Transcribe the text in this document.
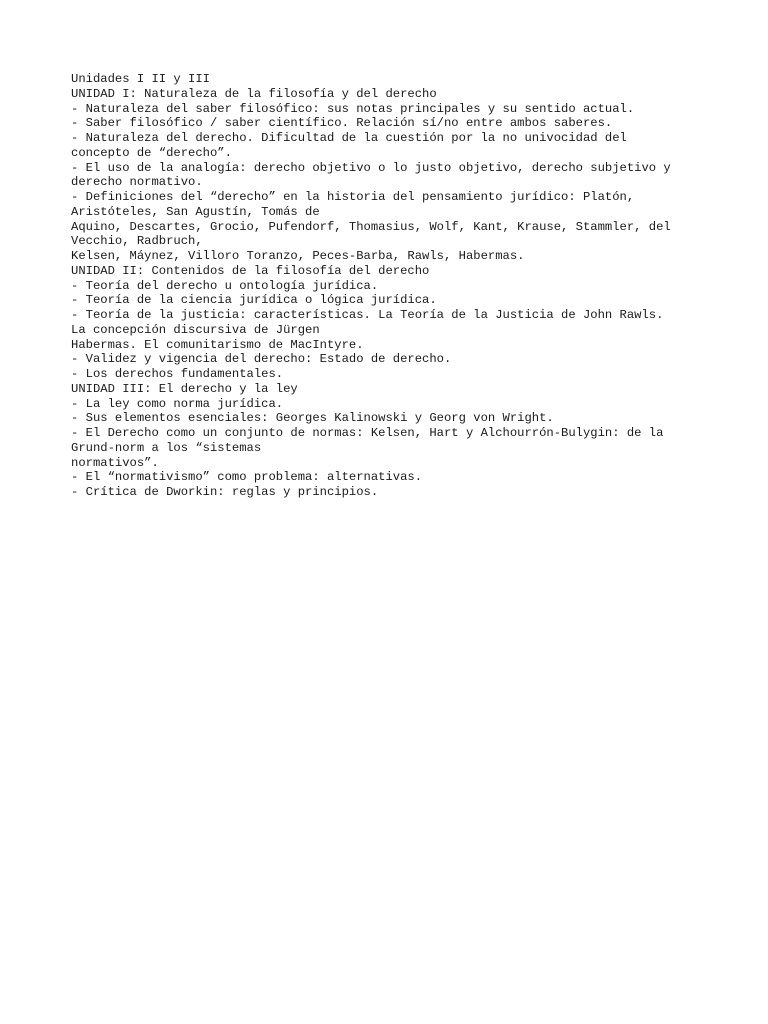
Unidades I II y III
UNIDAD I: Naturaleza de la filosofía y del derecho
- Naturaleza del saber filosófico: sus notas principales y su sentido actual.
- Saber filosófico / saber científico. Relación sí/no entre ambos saberes.
- Naturaleza del derecho. Dificultad de la cuestión por la no univocidad del
concepto de “derecho”.
- El uso de la analogía: derecho objetivo o lo justo objetivo, derecho subjetivo y
derecho normativo.
- Definiciones del “derecho” en la historia del pensamiento jurídico: Platón,
Aristóteles, San Agustín, Tomás de
Aquino, Descartes, Grocio, Pufendorf, Thomasius, Wolf, Kant, Krause, Stammler, del
Vecchio, Radbruch,
Kelsen, Máynez, Villoro Toranzo, Peces-Barba, Rawls, Habermas.
UNIDAD II: Contenidos de la filosofía del derecho
- Teoría del derecho u ontología jurídica.
- Teoría de la ciencia jurídica o lógica jurídica.
- Teoría de la justicia: características. La Teoría de la Justicia de John Rawls.
La concepción discursiva de Jürgen
Habermas. El comunitarismo de MacIntyre.
- Validez y vigencia del derecho: Estado de derecho.
- Los derechos fundamentales.
UNIDAD III: El derecho y la ley
- La ley como norma jurídica.
- Sus elementos esenciales: Georges Kalinowski y Georg von Wright.
- El Derecho como un conjunto de normas: Kelsen, Hart y Alchourrón-Bulygin: de la
Grund-norm a los “sistemas
normativos”.
- El “normativismo” como problema: alternativas.
- Crítica de Dworkin: reglas y principios.
